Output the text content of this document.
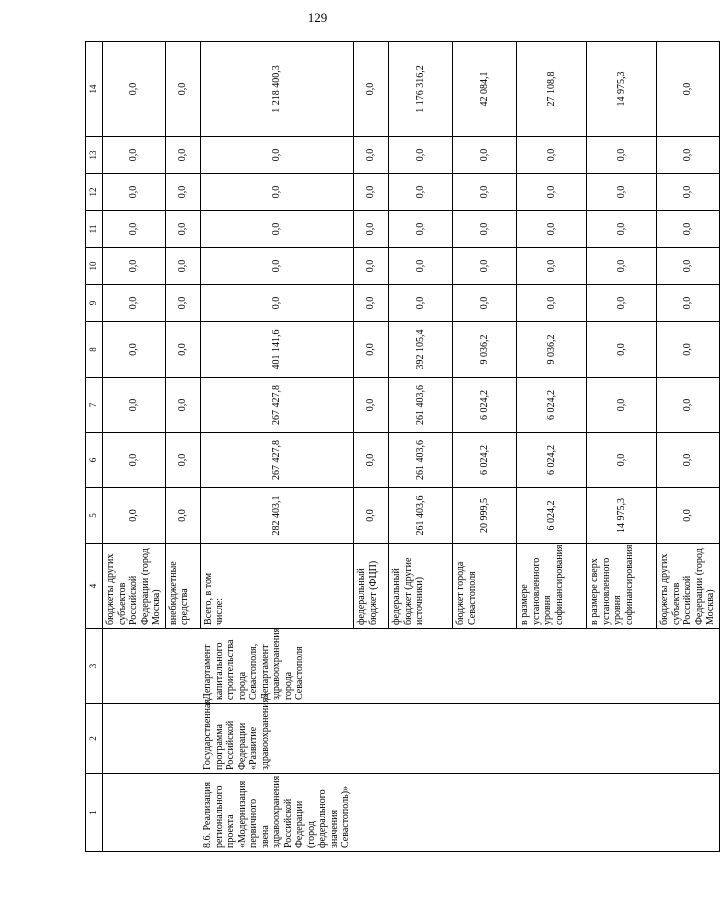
129
1	2	3	4	5	6	7	8	9	10	11	12	13	14
			бюджеты других субъектов Российской Федерации (город Москва)	0,0	0,0	0,0	0,0	0,0	0,0	0,0	0,0	0,0	0,0
			внебюджетные средства	0,0	0,0	0,0	0,0	0,0	0,0	0,0	0,0	0,0	0,0
8.6. Реализация регионального проекта «Модернизация первичного звена здравоохранения Российской Федерации (город федерального значения Севастополь)»	Государственная программа Российской Федерации «Развитие здравоохранения»	Департамент капитального строительства города Севастополя, Департамент здравоохранения города Севастополя	Всего, в том числе:	282 403,1	267 427,8	267 427,8	401 141,6	0,0	0,0	0,0	0,0	0,0	1 218 400,3
			федеральный бюджет (ФЦП)	0,0	0,0	0,0	0,0	0,0	0,0	0,0	0,0	0,0	0,0
			федеральный бюджет (другие источники)	261 403,6	261 403,6	261 403,6	392 105,4	0,0	0,0	0,0	0,0	0,0	1 176 316,2
			бюджет города Севастополя	20 999,5	6 024,2	6 024,2	9 036,2	0,0	0,0	0,0	0,0	0,0	42 084,1
			в размере установленного уровня софинансирования	6 024,2	6 024,2	6 024,2	9 036,2	0,0	0,0	0,0	0,0	0,0	27 108,8
			в размере сверх установленного уровня софинансирования	14 975,3	0,0	0,0	0,0	0,0	0,0	0,0	0,0	0,0	14 975,3
			бюджеты других субъектов Российской Федерации (город Москва)	0,0	0,0	0,0	0,0	0,0	0,0	0,0	0,0	0,0	0,0
